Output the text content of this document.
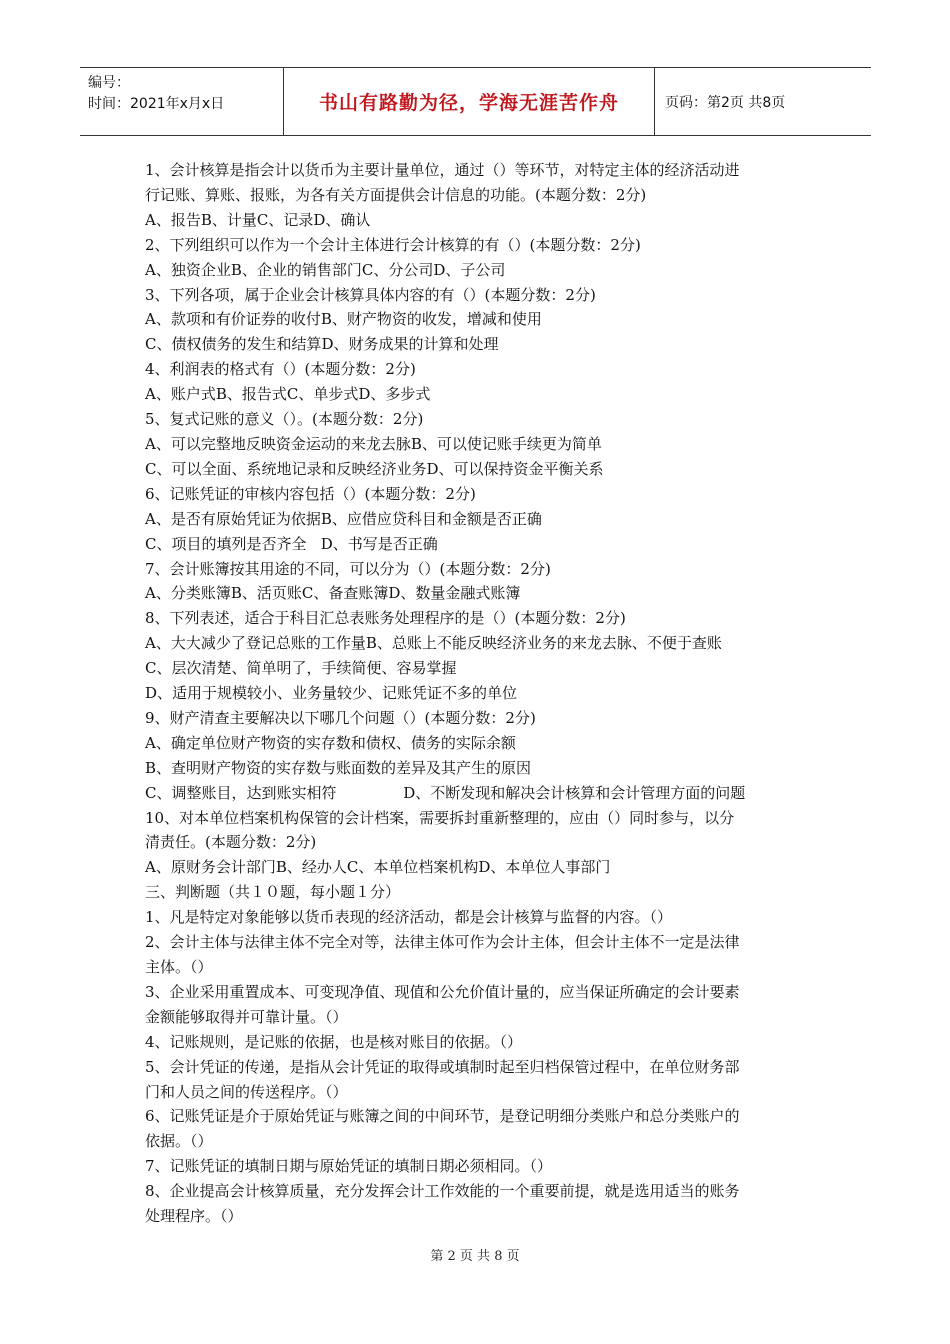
编号：
时间：2021年x月x日	书山有路勤为径，学海无涯苦作舟	页码：第2页 共8页
1、会计核算是指会计以货币为主要计量单位，通过（）等环节，对特定主体的经济活动进
行记账、算账、报账，为各有关方面提供会计信息的功能。(本题分数：2分)
A、报告B、计量C、记录D、确认
2、下列组织可以作为一个会计主体进行会计核算的有（）(本题分数：2分)
A、独资企业B、企业的销售部门C、分公司D、子公司
3、下列各项，属于企业会计核算具体内容的有（）(本题分数：2分)
A、款项和有价证券的收付B、财产物资的收发，增减和使用
C、债权债务的发生和结算D、财务成果的计算和处理
4、利润表的格式有（）(本题分数：2分)
A、账户式B、报告式C、单步式D、多步式
5、复式记账的意义（）。(本题分数：2分)
A、可以完整地反映资金运动的来龙去脉B、可以使记账手续更为简单
C、可以全面、系统地记录和反映经济业务D、可以保持资金平衡关系
6、记账凭证的审核内容包括（）(本题分数：2分)
A、是否有原始凭证为依据B、应借应贷科目和金额是否正确
C、项目的填列是否齐全   D、书写是否正确
7、会计账簿按其用途的不同，可以分为（）(本题分数：2分)
A、分类账簿B、活页账C、备查账簿D、数量金融式账簿
8、下列表述，适合于科目汇总表账务处理程序的是（）(本题分数：2分)
A、大大减少了登记总账的工作量B、总账上不能反映经济业务的来龙去脉、不便于查账
C、层次清楚、简单明了，手续简便、容易掌握
D、适用于规模较小、业务量较少、记账凭证不多的单位
9、财产清查主要解决以下哪几个问题（）(本题分数：2分)
A、确定单位财产物资的实存数和债权、债务的实际余额
B、查明财产物资的实存数与账面数的差异及其产生的原因
C、调整账目，达到账实相符              D、不断发现和解决会计核算和会计管理方面的问题
10、对本单位档案机构保管的会计档案，需要拆封重新整理的，应由（）同时参与，以分
清责任。(本题分数：2分)
A、原财务会计部门B、经办人C、本单位档案机构D、本单位人事部门
三、判断题（共１０题，每小题１分）
1、凡是特定对象能够以货币表现的经济活动，都是会计核算与监督的内容。（）
2、会计主体与法律主体不完全对等，法律主体可作为会计主体，但会计主体不一定是法律
主体。（）
3、企业采用重置成本、可变现净值、现值和公允价值计量的，应当保证所确定的会计要素
金额能够取得并可靠计量。（）
4、记账规则，是记账的依据，也是核对账目的依据。（）
5、会计凭证的传递，是指从会计凭证的取得或填制时起至归档保管过程中，在单位财务部
门和人员之间的传送程序。（）
6、记账凭证是介于原始凭证与账簿之间的中间环节，是登记明细分类账户和总分类账户的
依据。（）
7、记账凭证的填制日期与原始凭证的填制日期必须相同。（）
8、企业提高会计核算质量，充分发挥会计工作效能的一个重要前提，就是选用适当的账务
处理程序。（）
第 2 页 共 8 页
